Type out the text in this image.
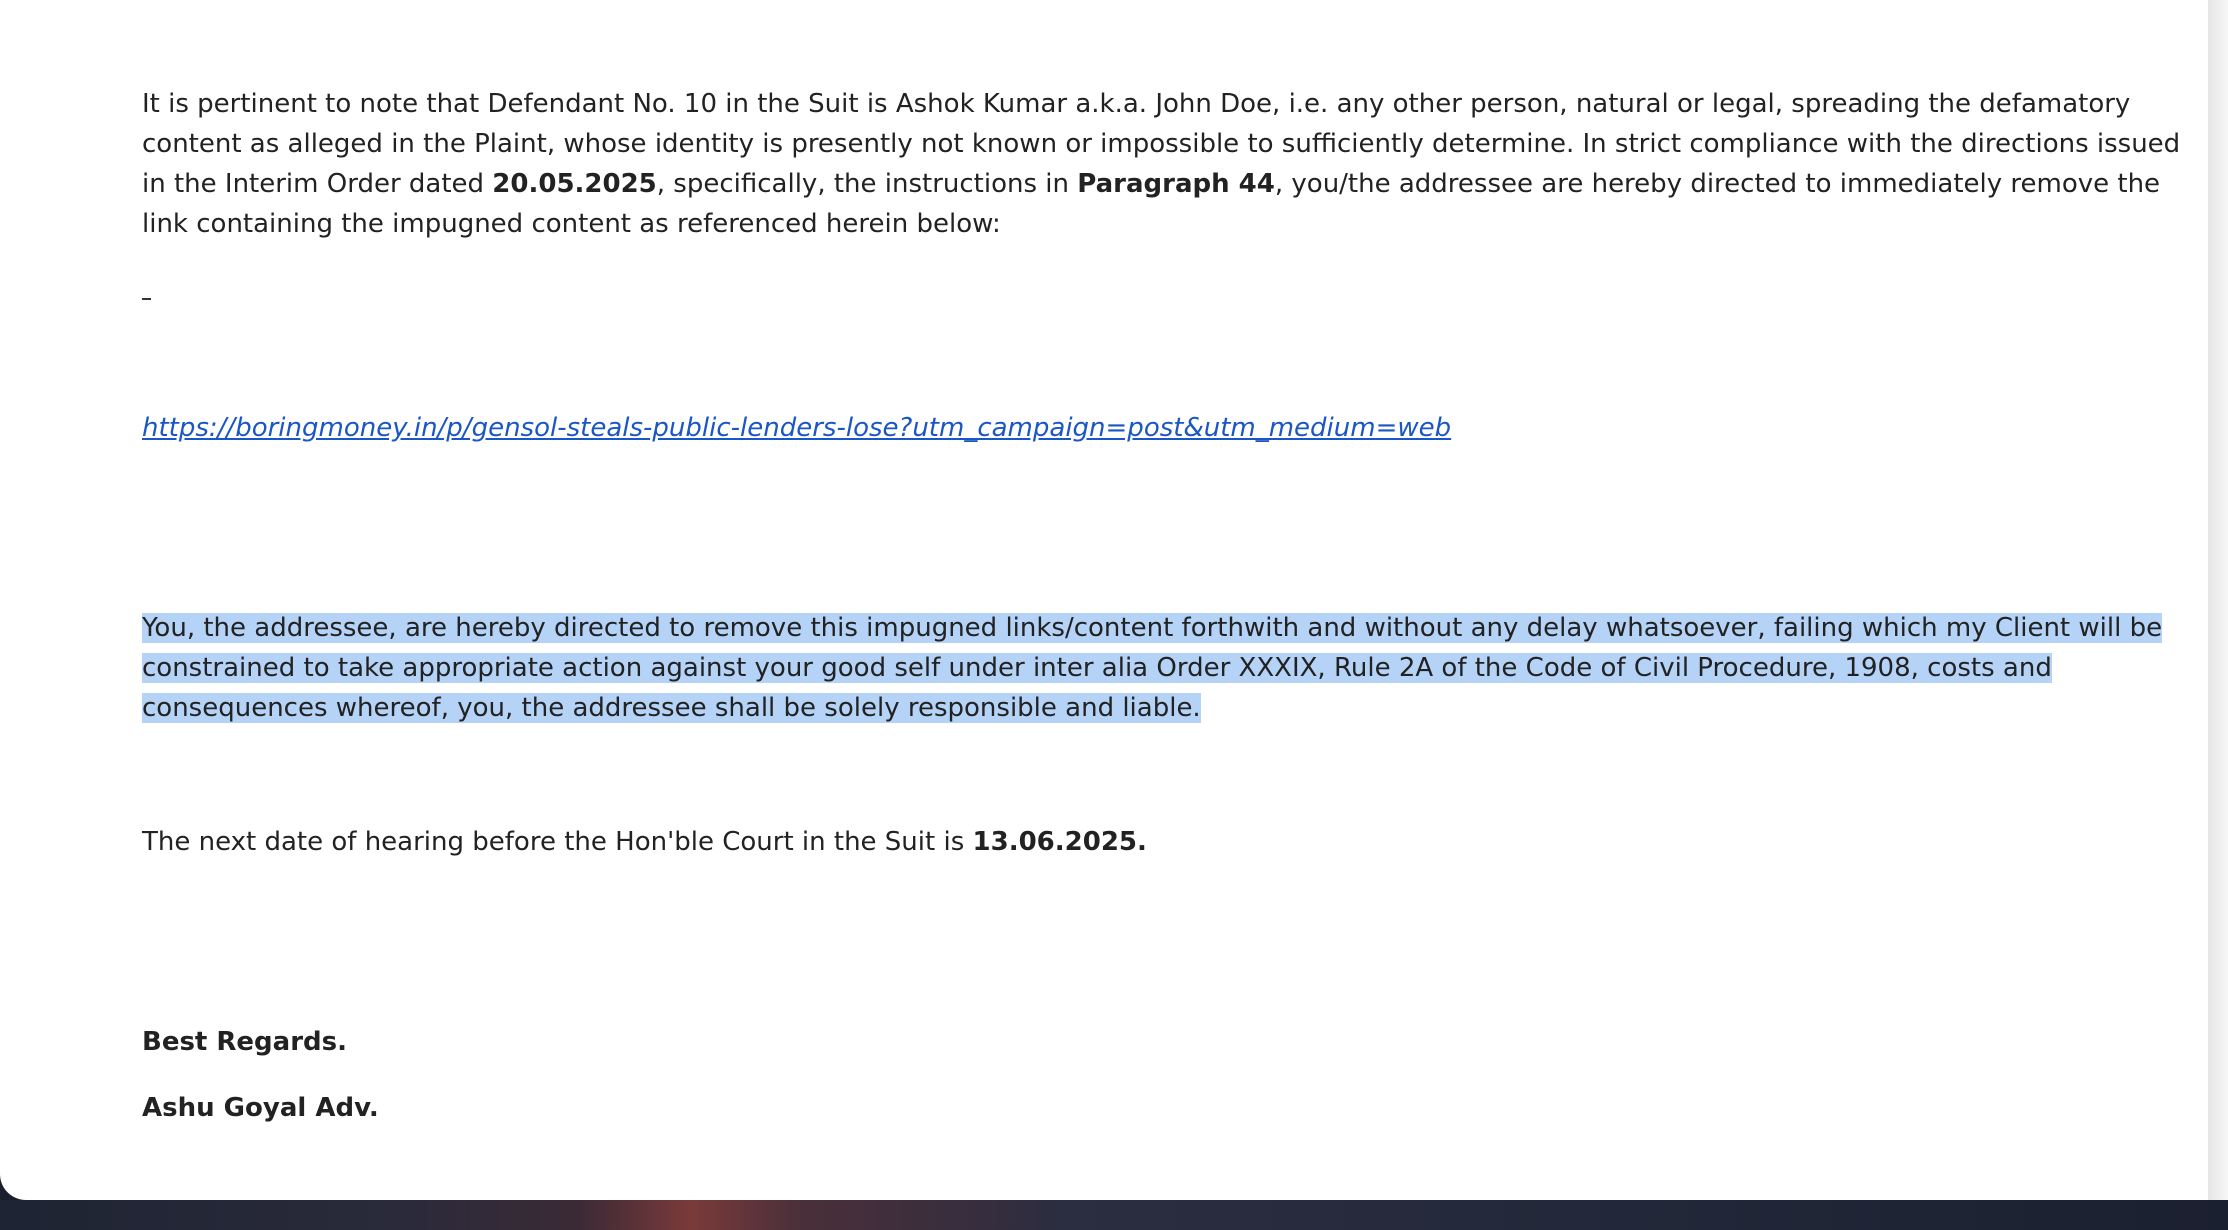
It is pertinent to note that Defendant No. 10 in the Suit is Ashok Kumar a.k.a. John Doe, i.e. any other person, natural or legal, spreading the defamatory content as alleged in the Plaint, whose identity is presently not known or impossible to sufficiently determine. In strict compliance with the directions issued in the Interim Order dated 20.05.2025, specifically, the instructions in Paragraph 44, you/the addressee are hereby directed to immediately remove the link containing the impugned content as referenced herein below:

https://boringmoney.in/p/gensol-steals-public-lenders-lose?utm_campaign=post&utm_medium=web

You, the addressee, are hereby directed to remove this impugned links/content forthwith and without any delay whatsoever, failing which my Client will be constrained to take appropriate action against your good self under inter alia Order XXXIX, Rule 2A of the Code of Civil Procedure, 1908, costs and consequences whereof, you, the addressee shall be solely responsible and liable.

The next date of hearing before the Hon'ble Court in the Suit is 13.06.2025.

Best Regards.

Ashu Goyal Adv.
